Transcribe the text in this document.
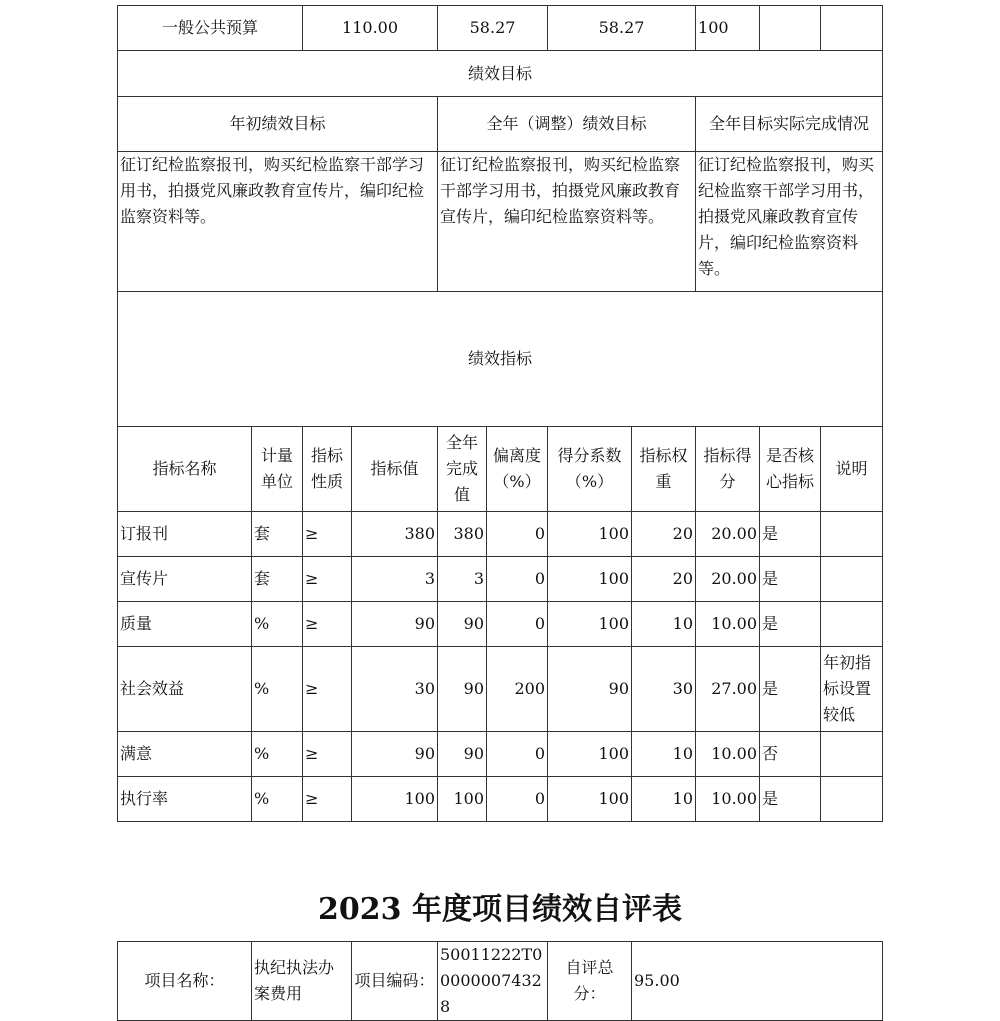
一般公共预算		110.00		58.27		58.27		100		
绩效目标										
年初绩效目标				全年（调整）绩效目标				全年目标实际完成情况		
征订纪检监察报刊，购买纪检监察干部学习用书，拍摄党风廉政教育宣传片，编印纪检监察资料等。				征订纪检监察报刊，购买纪检监察干部学习用书，拍摄党风廉政教育宣传片，编印纪检监察资料等。				征订纪检监察报刊，购买纪检监察干部学习用书，拍摄党风廉政教育宣传片，编印纪检监察资料等。		
绩效指标										
指标名称	计量单位	指标性质	指标值	全年完成值	偏离度（%）	得分系数（%）	指标权重	指标得分	是否核心指标	说明
订报刊	套	≥	380	380	0	100	20	20.00	是	
宣传片	套	≥	3	3	0	100	20	20.00	是	
质量	%	≥	90	90	0	100	10	10.00	是	
社会效益	%	≥	30	90	200	90	30	27.00	是	年初指标设置较低
满意	%	≥	90	90	0	100	10	10.00	否	
执行率	%	≥	100	100	0	100	10	10.00	是	
2023 年度项目绩效自评表
项目名称：	执纪执法办案费用	项目编码：	50011222T000000074328	自评总分：	95.00
